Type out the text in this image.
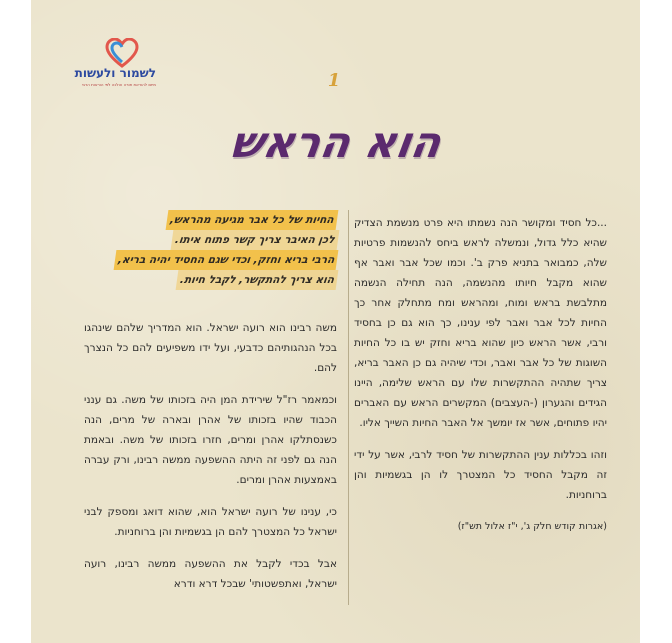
לשמור ולעשות
מיזם להוראת תורה והלכה לפי הוראות הרבי	1
הוא הראש
החיות של כל אבר מגיעה מהראש,
לכן האיבר צריך קשר פתוח איתו.
הרבי בריא וחזק, וכדי שגם החסיד יהיה בריא,
הוא צריך להתקשר, לקבל חיות.

...כל חסיד ומקושר הנה נשמתו היא פרט מנשמת הצדיק שהיא כלל גדול, ונמשלה לראש ביחס להנשמות פרטיות שלה, כמבואר בתניא פרק ב'. וכמו שכל אבר ואבר אף שהוא מקבל חיותו מהנשמה, הנה תחילה הנשמה מתלבשת בראש ומוח, ומהראש ומח מתחלק אחר כך החיות לכל אבר ואבר לפי ענינו, כך הוא גם כן בחסיד ורבי, אשר הראש כיון שהוא בריא וחזק יש בו כל החיות השוגות של כל אבר ואבר, וכדי שיהיה גם כן האבר בריא, צריך שתהיה ההתקשרות שלו עם הראש שלימה, היינו הגידים והגערון (-העצבים) המקשרים הראש עם האברים יהיו פתוחים, אשר אז יומשך אל האבר החיות השייך אליו.

וזהו בכללות ענין ההתקשרות של חסיד לרבי, אשר על ידי זה מקבל החסיד כל המצטרך לו הן בגשמיות והן ברוחניות.

(אגרות קודש חלק ג', י"ז אלול תש"ז)

משה רבינו הוא רועה ישראל. הוא המדריך שלהם שינהגו בכל הנהגותיהם כדבעי, ועל ידו משפיעים להם כל הנצרך להם.

וכמאמר רז"ל שירידת המן היה בזכותו של משה. גם ענני הכבוד שהיו בזכותו של אהרן ובארה של מרים, הנה כשנסתלקו אהרן ומרים, חזרו בזכותו של משה. ובאמת הנה גם לפני זה היתה ההשפעה ממשה רבינו, ורק עברה באמצעות אהרן ומרים.

כי, ענינו של רועה ישראל הוא, שהוא דואג ומספק לבני ישראל כל המצטרך להם הן בגשמיות והן ברוחניות.

אבל בכדי לקבל את ההשפעה ממשה רבינו, רועה ישראל, ואתפשטותי' שבכל דרא ודרא
